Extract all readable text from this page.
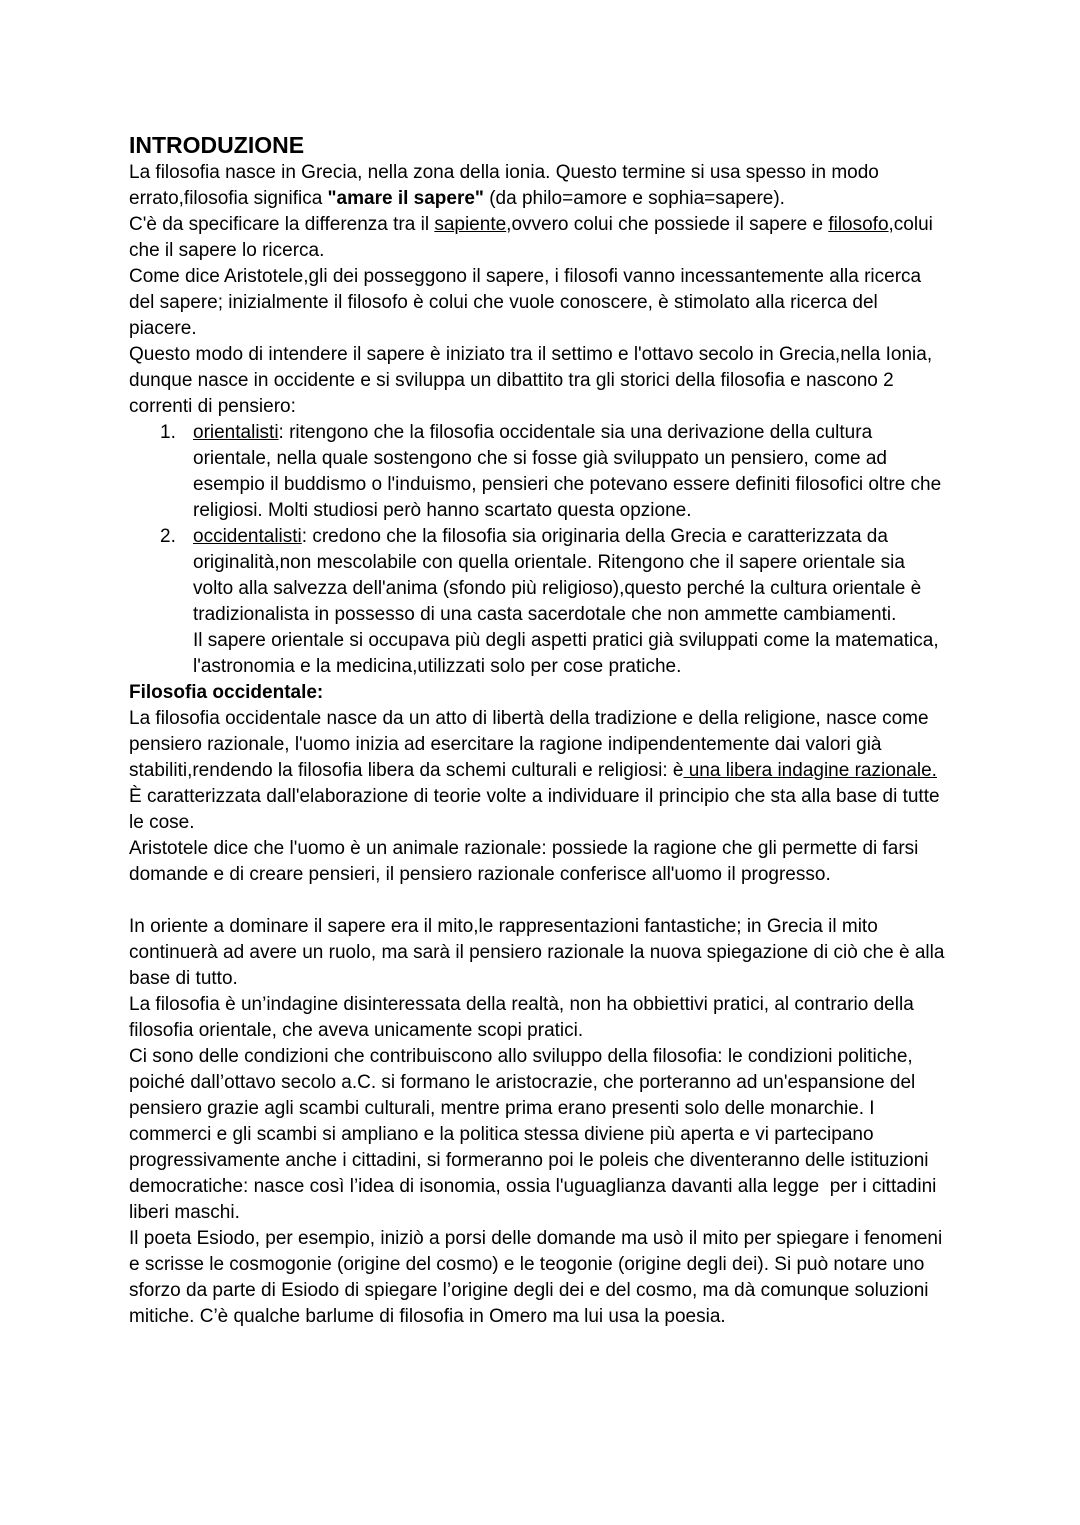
INTRODUZIONE

La filosofia nasce in Grecia, nella zona della ionia. Questo termine si usa spesso in modo errato,filosofia significa "amare il sapere" (da philo=amore e sophia=sapere).

C'è da specificare la differenza tra il sapiente,ovvero colui che possiede il sapere e filosofo,colui che il sapere lo ricerca.

Come dice Aristotele,gli dei posseggono il sapere, i filosofi vanno incessantemente alla ricerca del sapere; inizialmente il filosofo è colui che vuole conoscere, è stimolato alla ricerca del piacere.

Questo modo di intendere il sapere è iniziato tra il settimo e l'ottavo secolo in Grecia,nella Ionia, dunque nasce in occidente e si sviluppa un dibattito tra gli storici della filosofia e nascono 2 correnti di pensiero:

1. orientalisti: ritengono che la filosofia occidentale sia una derivazione della cultura orientale, nella quale sostengono che si fosse già sviluppato un pensiero, come ad esempio il buddismo o l'induismo, pensieri che potevano essere definiti filosofici oltre che religiosi. Molti studiosi però hanno scartato questa opzione.

2. occidentalisti: credono che la filosofia sia originaria della Grecia e caratterizzata da originalità,non mescolabile con quella orientale. Ritengono che il sapere orientale sia volto alla salvezza dell'anima (sfondo più religioso),questo perché la cultura orientale è tradizionalista in possesso di una casta sacerdotale che non ammette cambiamenti.

Il sapere orientale si occupava più degli aspetti pratici già sviluppati come la matematica, l'astronomia e la medicina,utilizzati solo per cose pratiche.

Filosofia occidentale:

La filosofia occidentale nasce da un atto di libertà della tradizione e della religione, nasce come pensiero razionale, l'uomo inizia ad esercitare la ragione indipendentemente dai valori già stabiliti,rendendo la filosofia libera da schemi culturali e religiosi: è una libera indagine razionale. È caratterizzata dall'elaborazione di teorie volte a individuare il principio che sta alla base di tutte le cose.

Aristotele dice che l'uomo è un animale razionale: possiede la ragione che gli permette di farsi domande e di creare pensieri, il pensiero razionale conferisce all'uomo il progresso.

In oriente a dominare il sapere era il mito,le rappresentazioni fantastiche; in Grecia il mito continuerà ad avere un ruolo, ma sarà il pensiero razionale la nuova spiegazione di ciò che è alla base di tutto.

La filosofia è un’indagine disinteressata della realtà, non ha obbiettivi pratici, al contrario della filosofia orientale, che aveva unicamente scopi pratici.

Ci sono delle condizioni che contribuiscono allo sviluppo della filosofia: le condizioni politiche, poiché dall’ottavo secolo a.C. si formano le aristocrazie, che porteranno ad un'espansione del pensiero grazie agli scambi culturali, mentre prima erano presenti solo delle monarchie. I commerci e gli scambi si ampliano e la politica stessa diviene più aperta e vi partecipano progressivamente anche i cittadini, si formeranno poi le poleis che diventeranno delle istituzioni democratiche: nasce così l’idea di isonomia, ossia l'uguaglianza davanti alla legge  per i cittadini liberi maschi.

Il poeta Esiodo, per esempio, iniziò a porsi delle domande ma usò il mito per spiegare i fenomeni e scrisse le cosmogonie (origine del cosmo) e le teogonie (origine degli dei). Si può notare uno sforzo da parte di Esiodo di spiegare l’origine degli dei e del cosmo, ma dà comunque soluzioni mitiche. C’è qualche barlume di filosofia in Omero ma lui usa la poesia.
